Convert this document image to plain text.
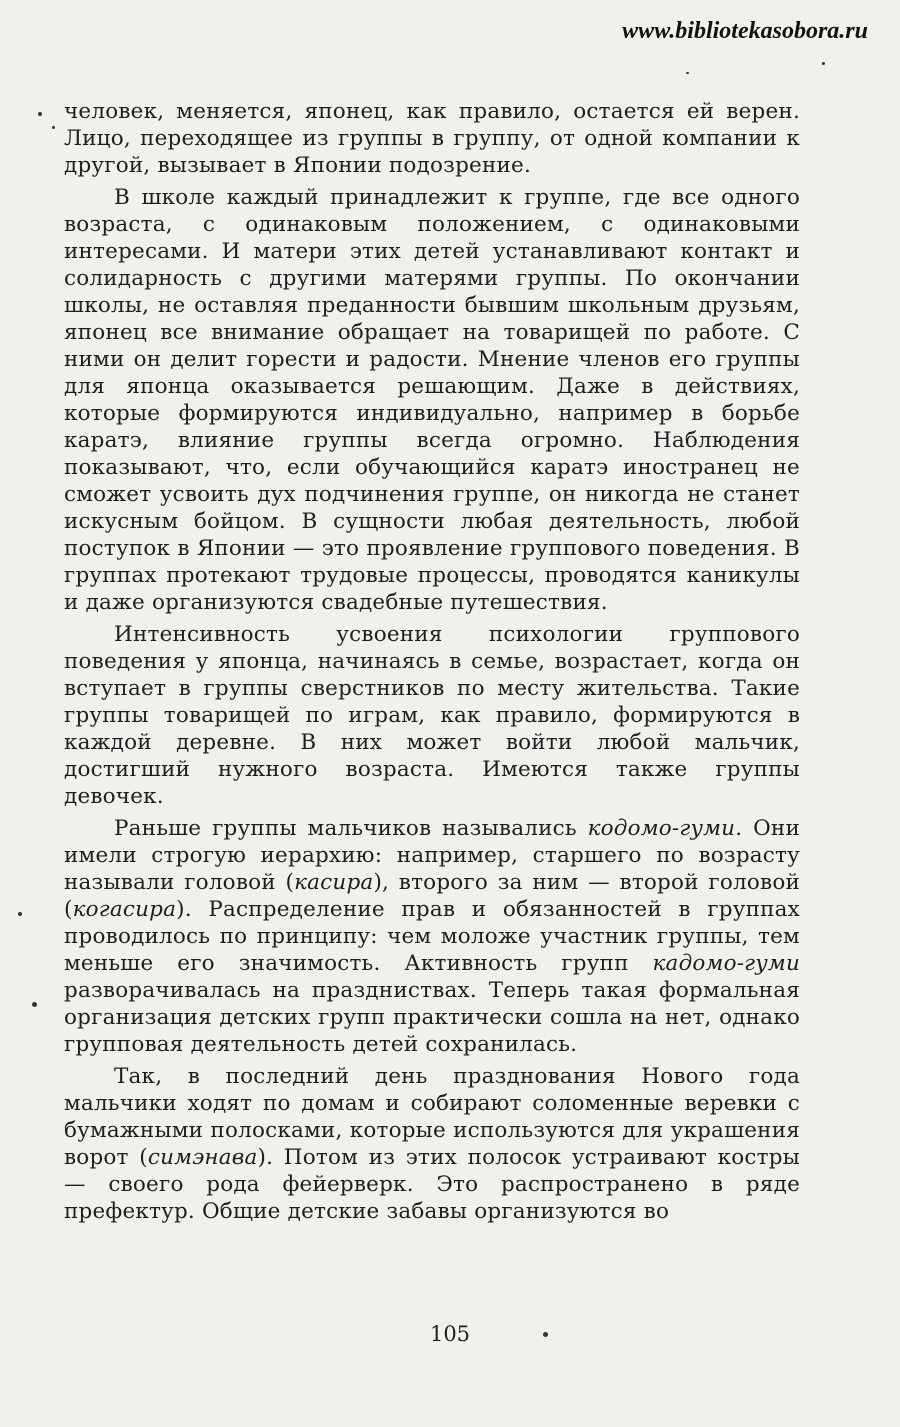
www.bibliotekasobora.ru

человек, меняется, японец, как правило, остается ей верен. Лицо, переходящее из группы в группу, от одной компании к другой, вызывает в Японии подозрение.

В школе каждый принадлежит к группе, где все одного возраста, с одинаковым положением, с одинаковыми интересами. И матери этих детей устанавливают контакт и солидарность с другими матерями группы. По окончании школы, не оставляя преданности бывшим школьным друзьям, японец все внимание обращает на товарищей по работе. С ними он делит горести и радости. Мнение членов его группы для японца оказывается решающим. Даже в действиях, которые формируются индивидуально, например в борьбе каратэ, влияние группы всегда огромно. Наблюдения показывают, что, если обучающийся каратэ иностранец не сможет усвоить дух подчинения группе, он никогда не станет искусным бойцом. В сущности любая деятельность, любой поступок в Японии — это проявление группового поведения. В группах протекают трудовые процессы, проводятся каникулы и даже организуются свадебные путешествия.

Интенсивность усвоения психологии группового поведения у японца, начинаясь в семье, возрастает, когда он вступает в группы сверстников по месту жительства. Такие группы товарищей по играм, как правило, формируются в каждой деревне. В них может войти любой мальчик, достигший нужного возраста. Имеются также группы девочек.

Раньше группы мальчиков назывались кодомо-гуми. Они имели строгую иерархию: например, старшего по возрасту называли головой (касира), второго за ним — второй головой (когасира). Распределение прав и обязанностей в группах проводилось по принципу: чем моложе участник группы, тем меньше его значимость. Активность групп кадомо-гуми разворачивалась на праздниствах. Теперь такая формальная организация детских групп практически сошла на нет, однако групповая деятельность детей сохранилась.

Так, в последний день празднования Нового года мальчики ходят по домам и собирают соломенные веревки с бумажными полосками, которые используются для украшения ворот (симэнава). Потом из этих полосок устраивают костры — своего рода фейерверк. Это распространено в ряде префектур. Общие детские забавы организуются во

105
